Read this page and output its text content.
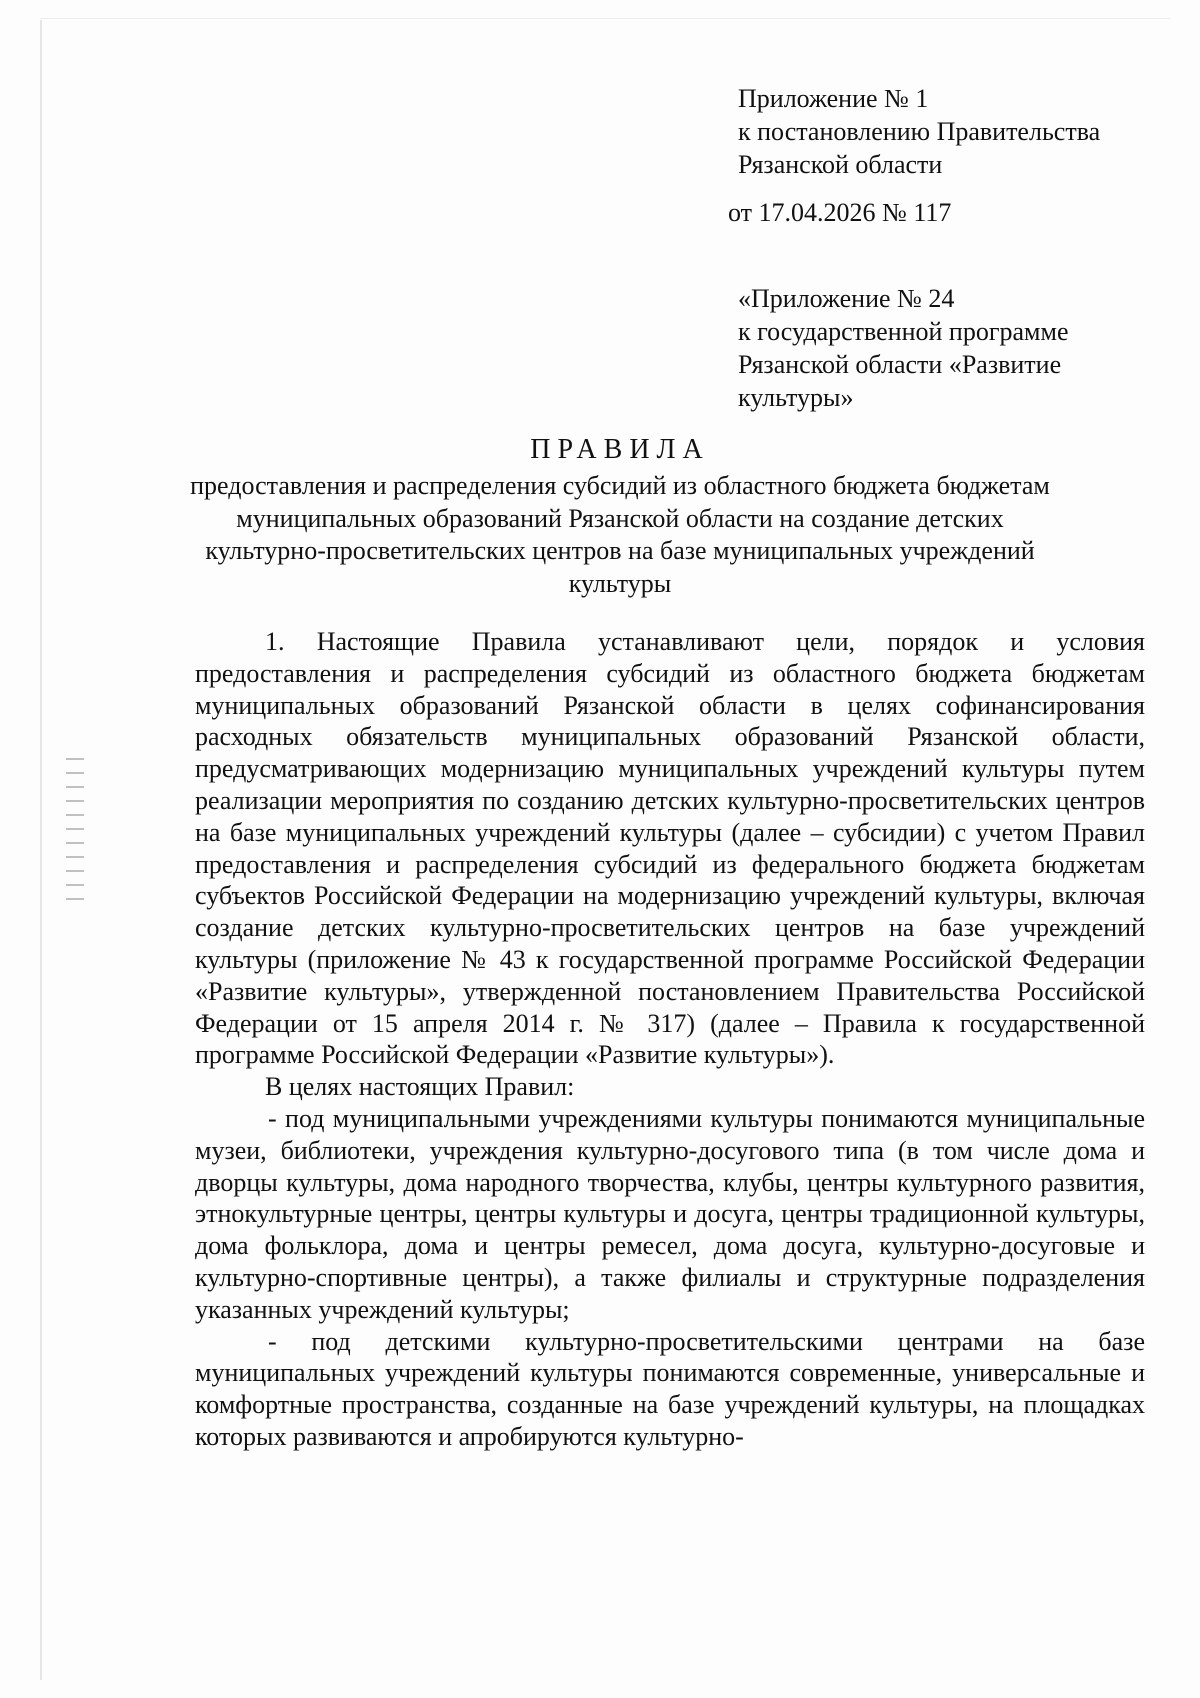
Приложение № 1
к постановлению Правительства
Рязанской области
от 17.04.2026 № 117
«Приложение № 24
к государственной программе
Рязанской области «Развитие
культуры»
ПРАВИЛА
предоставления и распределения субсидий из областного бюджета бюджетам муниципальных образований Рязанской области на создание детских культурно-просветительских центров на базе муниципальных учреждений культуры

1. Настоящие Правила устанавливают цели, порядок и условия предоставления и распределения субсидий из областного бюджета бюджетам муниципальных образований Рязанской области в целях софинансирования расходных обязательств муниципальных образований Рязанской области, предусматривающих модернизацию муниципальных учреждений культуры путем реализации мероприятия по созданию детских культурно-просветительских центров на базе муниципальных учреждений культуры (далее – субсидии) с учетом Правил предоставления и распределения субсидий из федерального бюджета бюджетам субъектов Российской Федерации на модернизацию учреждений культуры, включая создание детских культурно-просветительских центров на базе учреждений культуры (приложение № 43 к государственной программе Российской Федерации «Развитие культуры», утвержденной постановлением Правительства Российской Федерации от 15 апреля 2014 г. № 317) (далее – Правила к государственной программе Российской Федерации «Развитие культуры»).

В целях настоящих Правил:

- под муниципальными учреждениями культуры понимаются муниципальные музеи, библиотеки, учреждения культурно-досугового типа (в том числе дома и дворцы культуры, дома народного творчества, клубы, центры культурного развития, этнокультурные центры, центры культуры и досуга, центры традиционной культуры, дома фольклора, дома и центры ремесел, дома досуга, культурно-досуговые и культурно-спортивные центры), а также филиалы и структурные подразделения указанных учреждений культуры;

- под детскими культурно-просветительскими центрами на базе муниципальных учреждений культуры понимаются современные, универсальные и комфортные пространства, созданные на базе учреждений культуры, на площадках которых развиваются и апробируются культурно-
